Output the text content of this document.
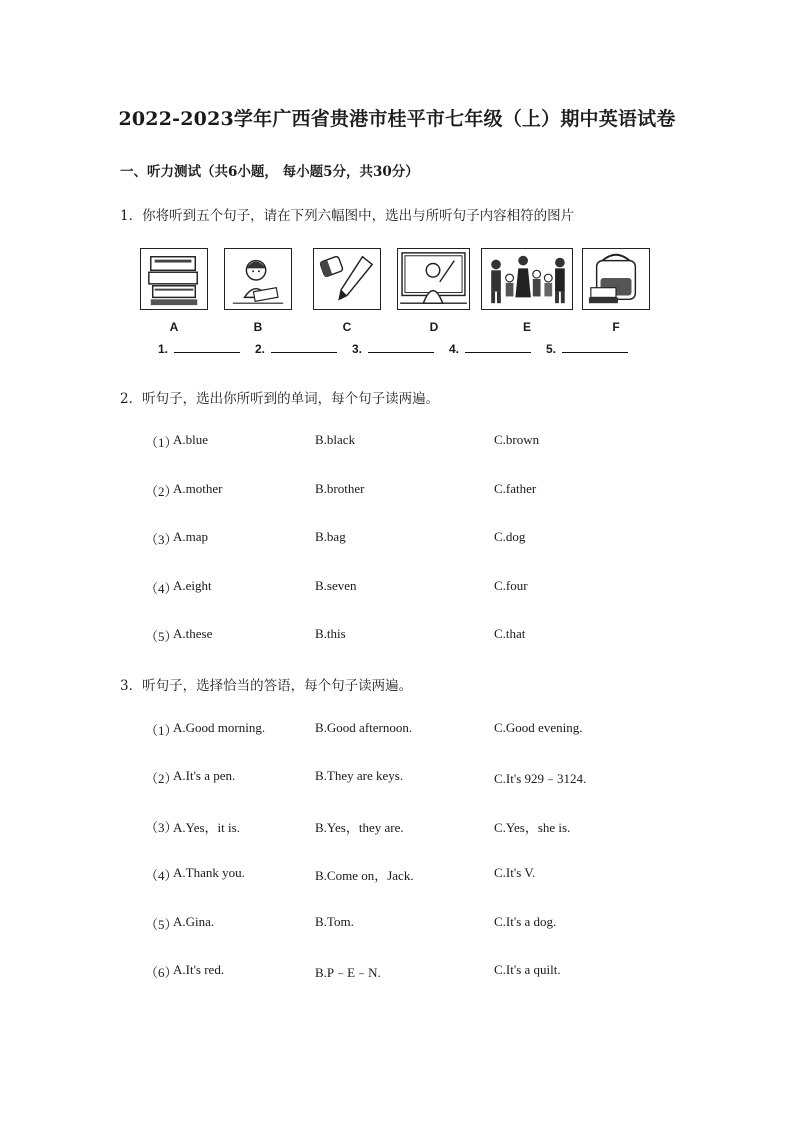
2022-2023学年广西省贵港市桂平市七年级（上）期中英语试卷
一、听力测试（共6小题， 每小题5分，共30分）
1．你将听到五个句子，请在下列六幅图中，选出与所听句子内容相符的图片
A	B	C	D	E	F
1.	2.	3.	4.	5.
2．听句子，选出你所听到的单词，每个句子读两遍。
（1）
A.blue	B.black	C.brown
（2）
A.mother	B.brother	C.father
（3）
A.map	B.bag	C.dog
（4）
A.eight	B.seven	C.four
（5）
A.these	B.this	C.that
3．听句子，选择恰当的答语，每个句子读两遍。
（1）
A.Good morning.	B.Good afternoon.	C.Good evening.
（2）
A.It's a pen.	B.They are keys.	C.It's 929﹣3124.
（3）
A.Yes，it is.	B.Yes，they are.	C.Yes，she is.
（4）
A.Thank you.	B.Come on，Jack.	C.It's V.
（5）
A.Gina.	B.Tom.	C.It's a dog.
（6）
A.It's red.	B.P﹣E﹣N.	C.It's a quilt.
